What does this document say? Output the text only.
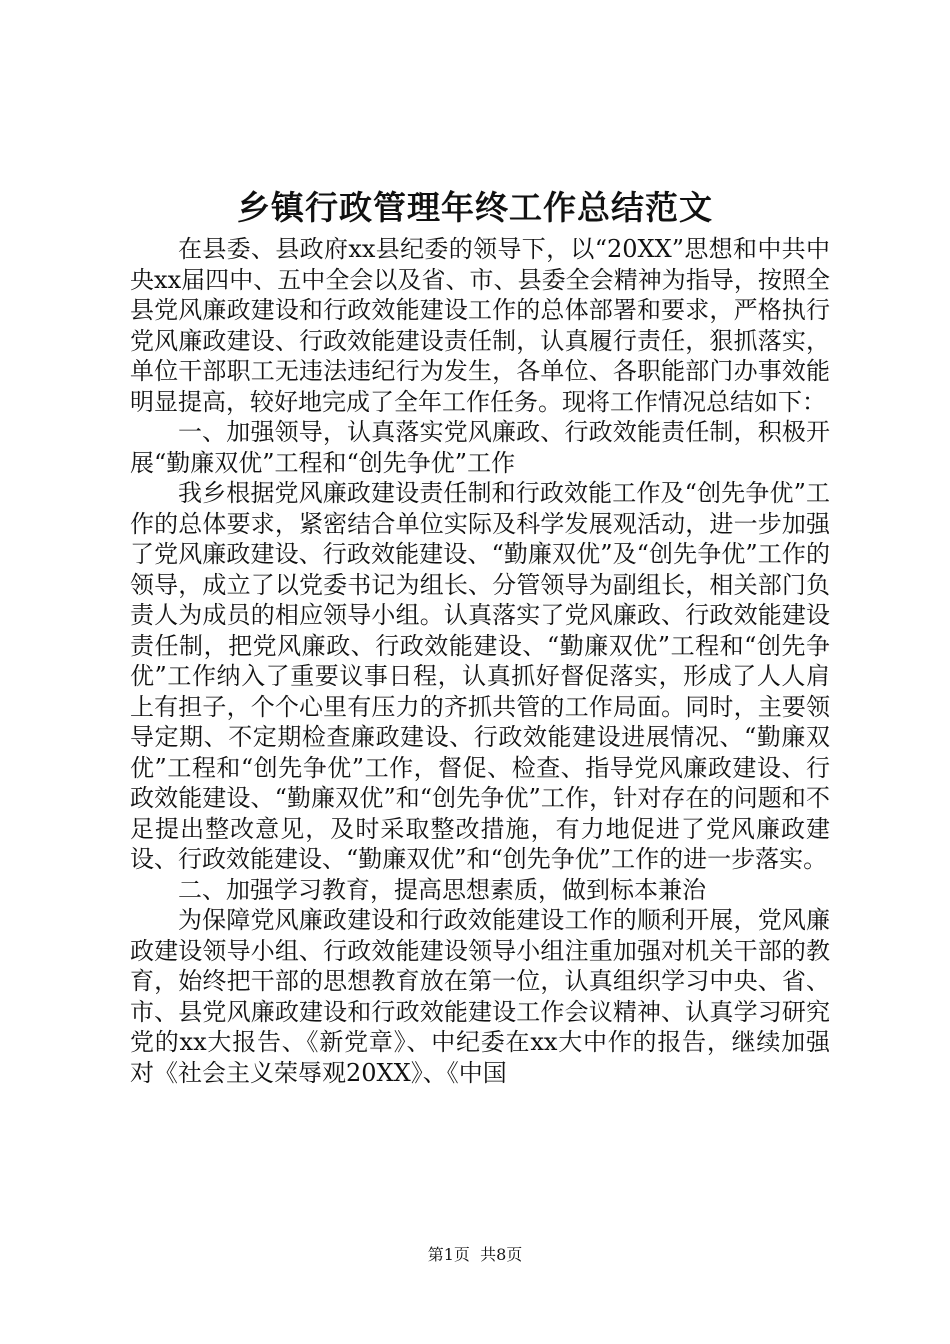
乡镇行政管理年终工作总结范文

在县委、县政府xx县纪委的领导下，以“20XX”思想和中共中央xx届四中、五中全会以及省、市、县委全会精神为指导，按照全县党风廉政建设和行政效能建设工作的总体部署和要求，严格执行党风廉政建设、行政效能建设责任制，认真履行责任，狠抓落实，单位干部职工无违法违纪行为发生，各单位、各职能部门办事效能明显提高，较好地完成了全年工作任务。现将工作情况总结如下：

一、加强领导，认真落实党风廉政、行政效能责任制，积极开展“勤廉双优”工程和“创先争优”工作

我乡根据党风廉政建设责任制和行政效能工作及“创先争优”工作的总体要求，紧密结合单位实际及科学发展观活动，进一步加强了党风廉政建设、行政效能建设、“勤廉双优”及“创先争优”工作的领导，成立了以党委书记为组长、分管领导为副组长，相关部门负责人为成员的相应领导小组。认真落实了党风廉政、行政效能建设责任制，把党风廉政、行政效能建设、“勤廉双优”工程和“创先争优”工作纳入了重要议事日程，认真抓好督促落实，形成了人人肩上有担子，个个心里有压力的齐抓共管的工作局面。同时，主要领导定期、不定期检查廉政建设、行政效能建设进展情况、“勤廉双优”工程和“创先争优”工作，督促、检查、指导党风廉政建设、行政效能建设、“勤廉双优”和“创先争优”工作，针对存在的问题和不足提出整改意见，及时采取整改措施，有力地促进了党风廉政建设、行政效能建设、“勤廉双优”和“创先争优”工作的进一步落实。

二、加强学习教育，提高思想素质，做到标本兼治

为保障党风廉政建设和行政效能建设工作的顺利开展，党风廉政建设领导小组、行政效能建设领导小组注重加强对机关干部的教育，始终把干部的思想教育放在第一位，认真组织学习中央、省、市、县党风廉政建设和行政效能建设工作会议精神、认真学习研究党的xx大报告、《新党章》、中纪委在xx大中作的报告，继续加强对《社会主义荣辱观20XX》、《中国

第1页  共8页
